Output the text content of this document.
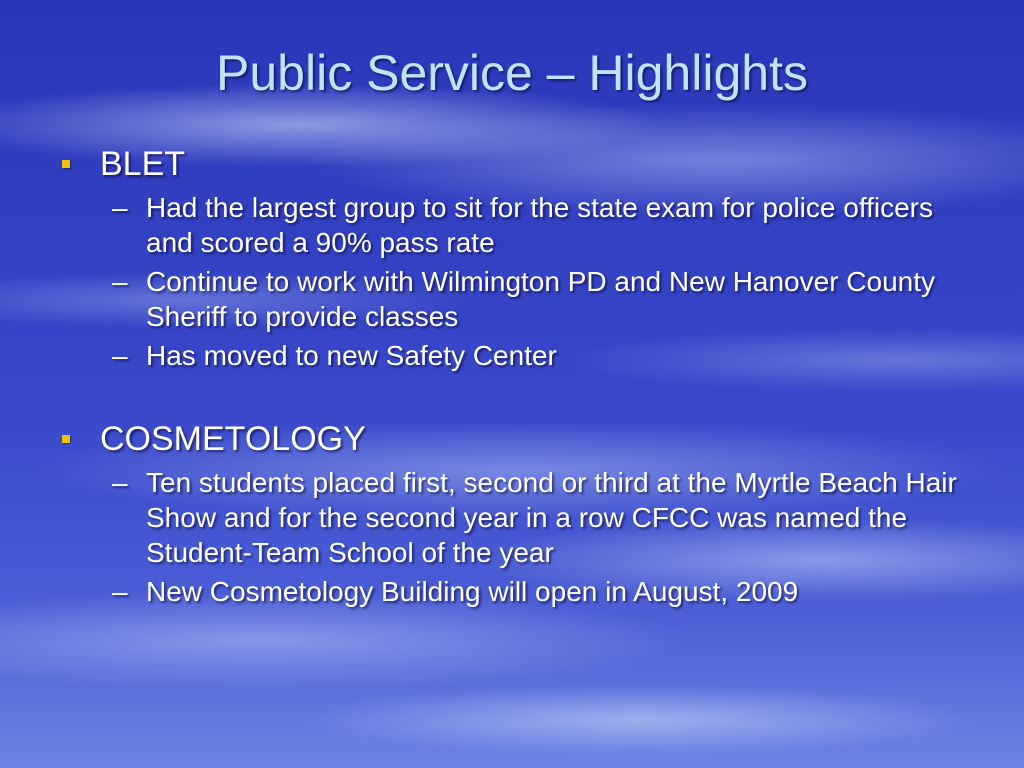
Public Service – Highlights
BLET
– Had the largest group to sit for the state exam for police officers and scored a 90% pass rate
– Continue to work with Wilmington PD and New Hanover County Sheriff to provide classes
– Has moved to new Safety Center
COSMETOLOGY
– Ten students placed first, second or third at the Myrtle Beach Hair Show and for the second year in a row CFCC was named the Student-Team School of the year
– New Cosmetology Building will open in August, 2009
